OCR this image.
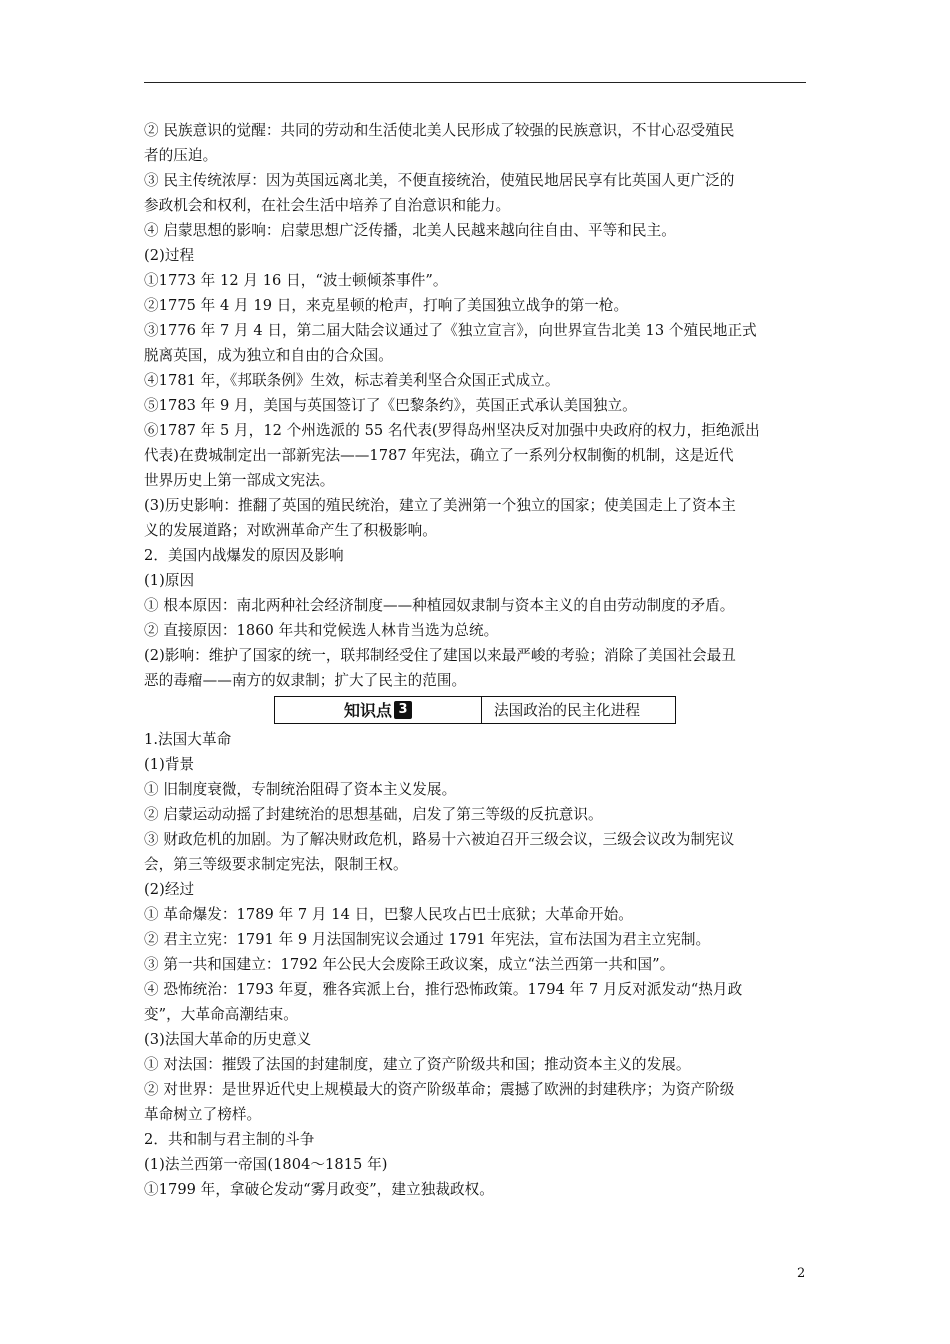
② 民族意识的觉醒：共同的劳动和生活使北美人民形成了较强的民族意识，不甘心忍受殖民
者的压迫。
③ 民主传统浓厚：因为英国远离北美，不便直接统治，使殖民地居民享有比英国人更广泛的
参政机会和权利，在社会生活中培养了自治意识和能力。
④ 启蒙思想的影响：启蒙思想广泛传播，北美人民越来越向往自由、平等和民主。
(2)过程
①1773 年 12 月 16 日，“波士顿倾茶事件”。
②1775 年 4 月 19 日，来克星顿的枪声，打响了美国独立战争的第一枪。
③1776 年 7 月 4 日，第二届大陆会议通过了《独立宣言》，向世界宣告北美 13 个殖民地正式
脱离英国，成为独立和自由的合众国。
④1781 年，《邦联条例》生效，标志着美利坚合众国正式成立。
⑤1783 年 9 月，美国与英国签订了《巴黎条约》，英国正式承认美国独立。
⑥1787 年 5 月，12 个州选派的 55 名代表(罗得岛州坚决反对加强中央政府的权力，拒绝派出
代表)在费城制定出一部新宪法——1787 年宪法，确立了一系列分权制衡的机制，这是近代
世界历史上第一部成文宪法。
(3)历史影响：推翻了英国的殖民统治，建立了美洲第一个独立的国家；使美国走上了资本主
义的发展道路；对欧洲革命产生了积极影响。
2．美国内战爆发的原因及影响
(1)原因
① 根本原因：南北两种社会经济制度——种植园奴隶制与资本主义的自由劳动制度的矛盾。
② 直接原因：1860 年共和党候选人林肯当选为总统。
(2)影响：维护了国家的统一，联邦制经受住了建国以来最严峻的考验；消除了美国社会最丑
恶的毒瘤——南方的奴隶制；扩大了民主的范围。
知识点 3	法国政治的民主化进程
1.法国大革命
(1)背景
① 旧制度衰微，专制统治阻碍了资本主义发展。
② 启蒙运动动摇了封建统治的思想基础，启发了第三等级的反抗意识。
③ 财政危机的加剧。为了解决财政危机，路易十六被迫召开三级会议，三级会议改为制宪议
会，第三等级要求制定宪法，限制王权。
(2)经过
① 革命爆发：1789 年 7 月 14 日，巴黎人民攻占巴士底狱；大革命开始。
② 君主立宪：1791 年 9 月法国制宪议会通过 1791 年宪法，宣布法国为君主立宪制。
③ 第一共和国建立：1792 年公民大会废除王政议案，成立“法兰西第一共和国”。
④ 恐怖统治：1793 年夏，雅各宾派上台，推行恐怖政策。1794 年 7 月反对派发动“热月政
变”，大革命高潮结束。
(3)法国大革命的历史意义
① 对法国：摧毁了法国的封建制度，建立了资产阶级共和国；推动资本主义的发展。
② 对世界：是世界近代史上规模最大的资产阶级革命；震撼了欧洲的封建秩序；为资产阶级
革命树立了榜样。
2．共和制与君主制的斗争
(1)法兰西第一帝国(1804～1815 年)
①1799 年，拿破仑发动“雾月政变”，建立独裁政权。
2
